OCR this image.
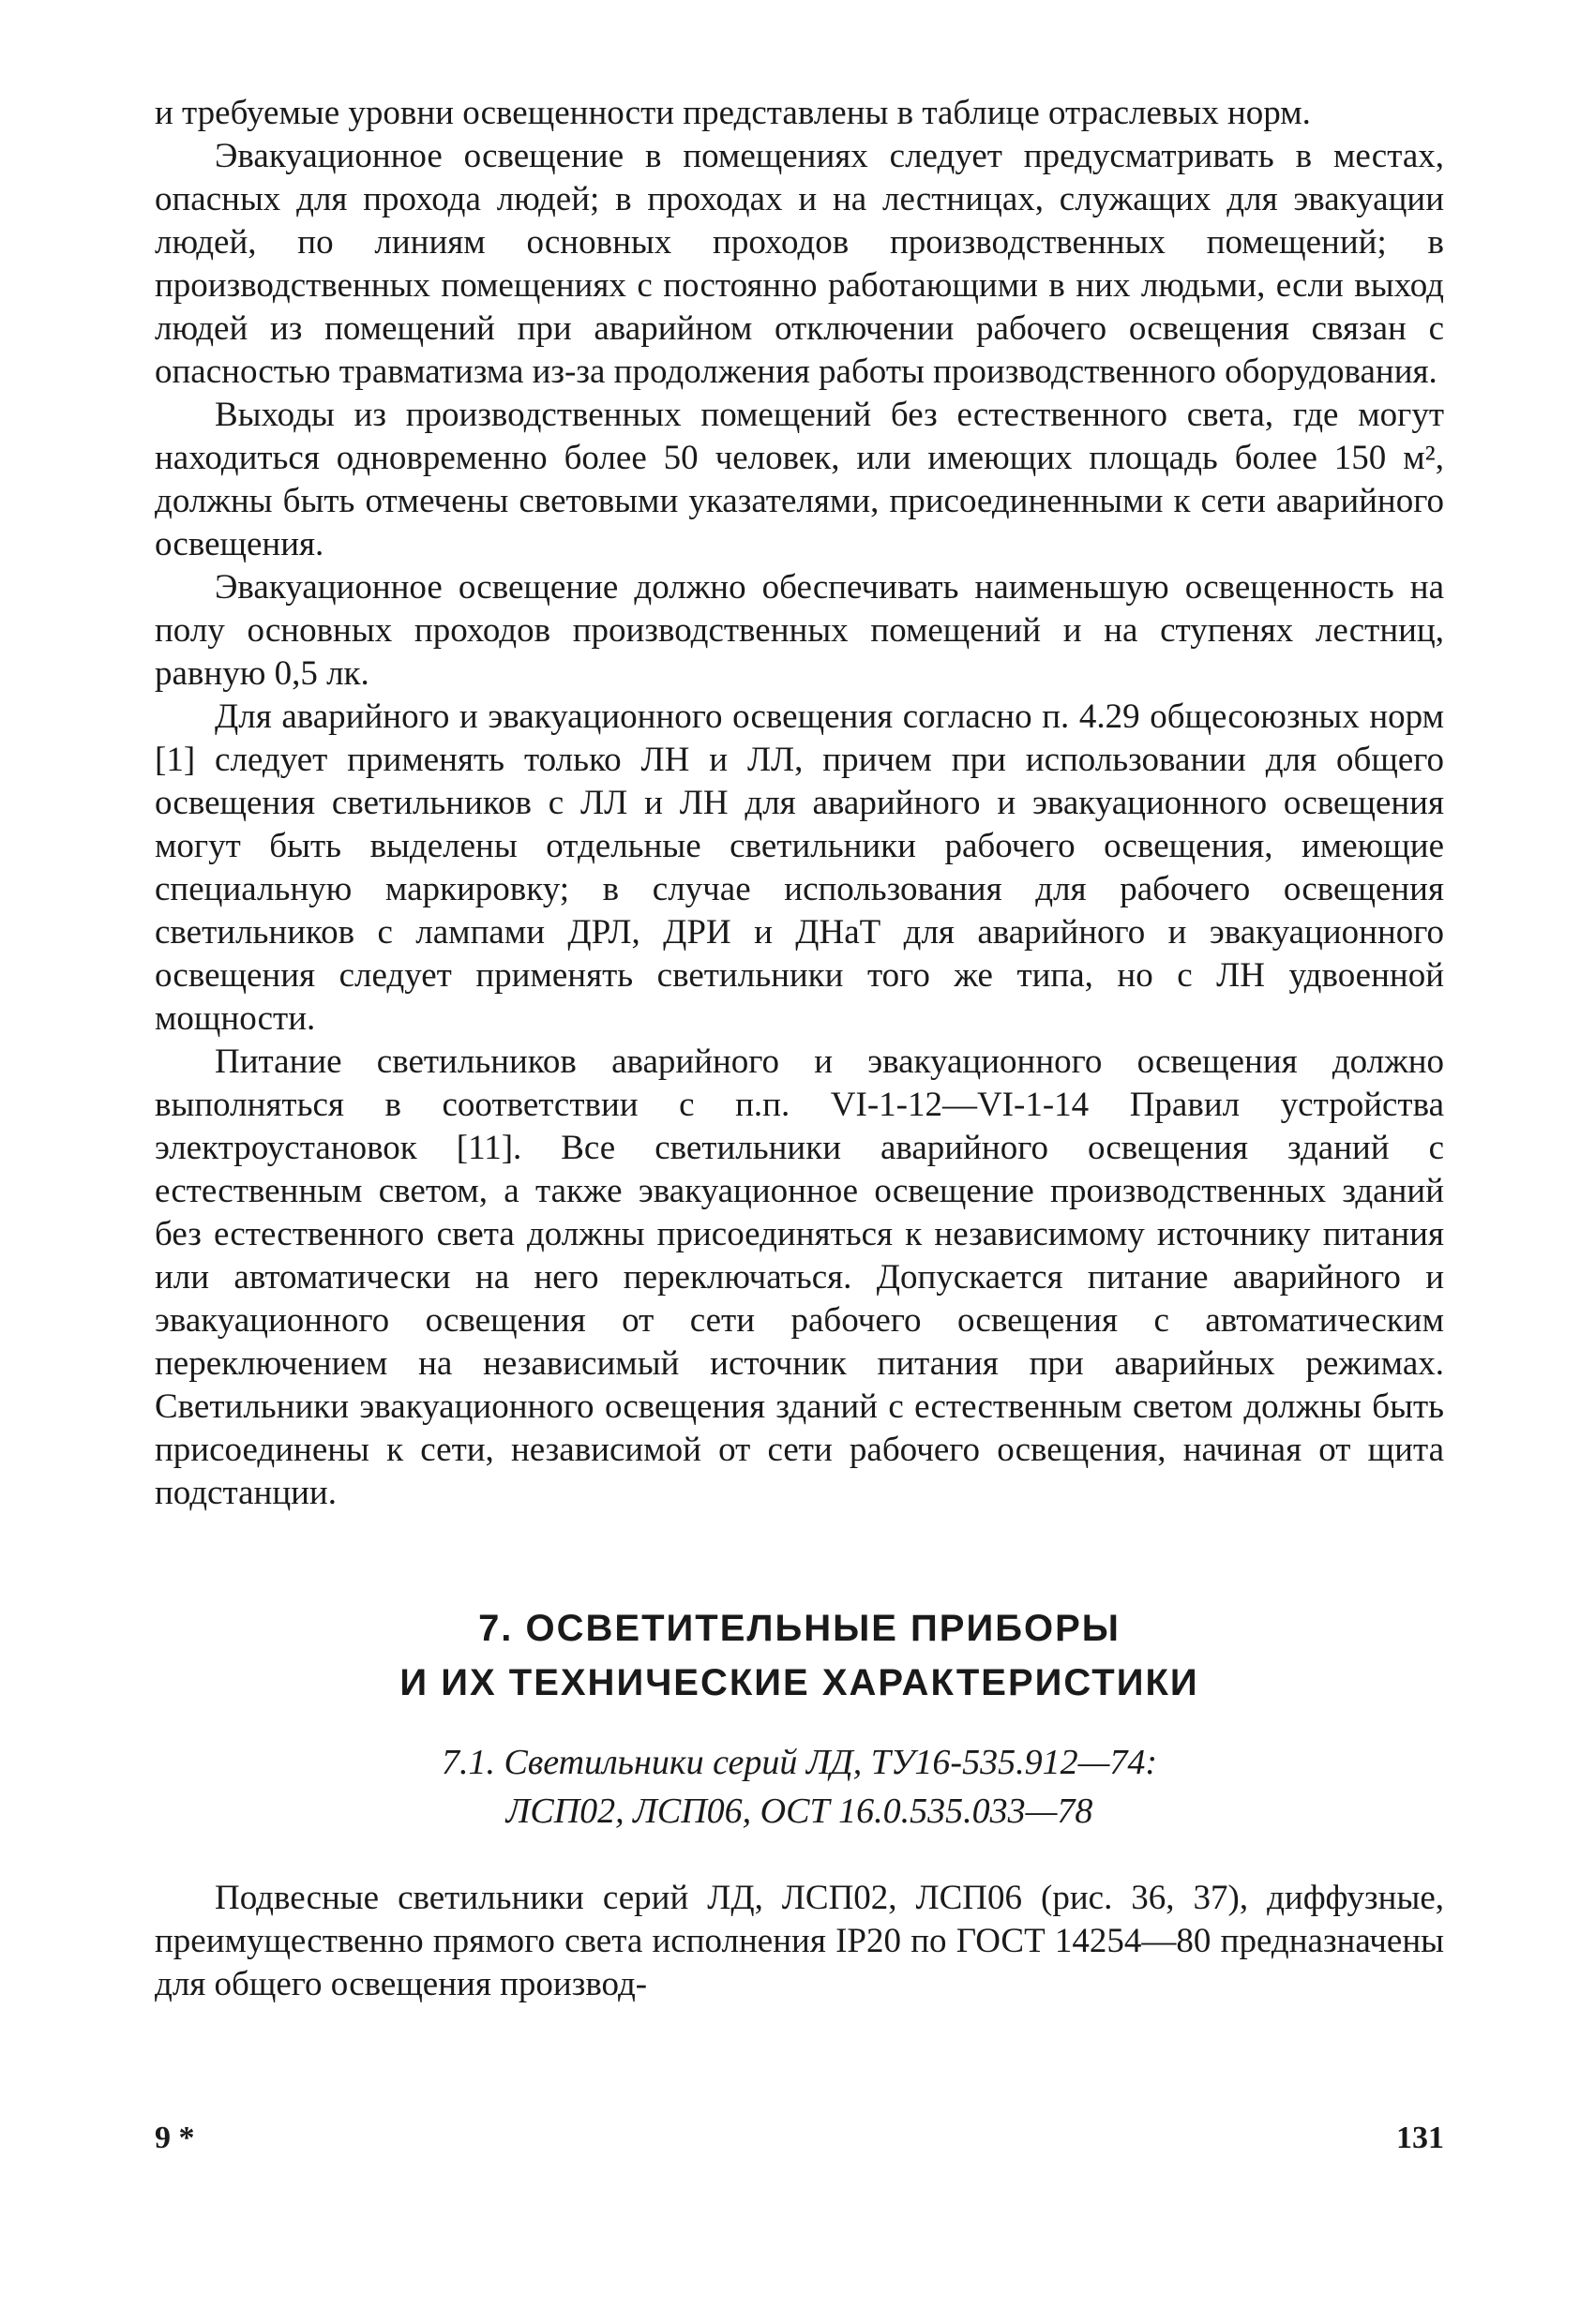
и требуемые уровни освещенности представлены в таблице отраслевых норм.

Эвакуационное освещение в помещениях следует предусматривать в местах, опасных для прохода людей; в проходах и на лестницах, служащих для эвакуации людей, по линиям основных проходов производственных помещений; в производственных помещениях с постоянно работающими в них людьми, если выход людей из помещений при аварийном отключении рабочего освещения связан с опасностью травматизма из-за продолжения работы производственного оборудования.

Выходы из производственных помещений без естественного света, где могут находиться одновременно более 50 человек, или имеющих площадь более 150 м², должны быть отмечены световыми указателями, присоединенными к сети аварийного освещения.

Эвакуационное освещение должно обеспечивать наименьшую освещенность на полу основных проходов производственных помещений и на ступенях лестниц, равную 0,5 лк.

Для аварийного и эвакуационного освещения согласно п. 4.29 общесоюзных норм [1] следует применять только ЛН и ЛЛ, причем при использовании для общего освещения светильников с ЛЛ и ЛН для аварийного и эвакуационного освещения могут быть выделены отдельные светильники рабочего освещения, имеющие специальную маркировку; в случае использования для рабочего освещения светильников с лампами ДРЛ, ДРИ и ДНаТ для аварийного и эвакуационного освещения следует применять светильники того же типа, но с ЛН удвоенной мощности.

Питание светильников аварийного и эвакуационного освещения должно выполняться в соответствии с п.п. VI-1-12—VI-1-14 Правил устройства электроустановок [11]. Все светильники аварийного освещения зданий с естественным светом, а также эвакуационное освещение производственных зданий без естественного света должны присоединяться к независимому источнику питания или автоматически на него переключаться. Допускается питание аварийного и эвакуационного освещения от сети рабочего освещения с автоматическим переключением на независимый источник питания при аварийных режимах. Светильники эвакуационного освещения зданий с естественным светом должны быть присоединены к сети, независимой от сети рабочего освещения, начиная от щита подстанции.

7. ОСВЕТИТЕЛЬНЫЕ ПРИБОРЫ
И ИХ ТЕХНИЧЕСКИЕ ХАРАКТЕРИСТИКИ
7.1. Светильники серий ЛД, ТУ16-535.912—74:
ЛСП02, ЛСП06, ОСТ 16.0.535.033—78

Подвесные светильники серий ЛД, ЛСП02, ЛСП06 (рис. 36, 37), диффузные, преимущественно прямого света исполнения IP20 по ГОСТ 14254—80 предназначены для общего освещения производ-

9 *	131
